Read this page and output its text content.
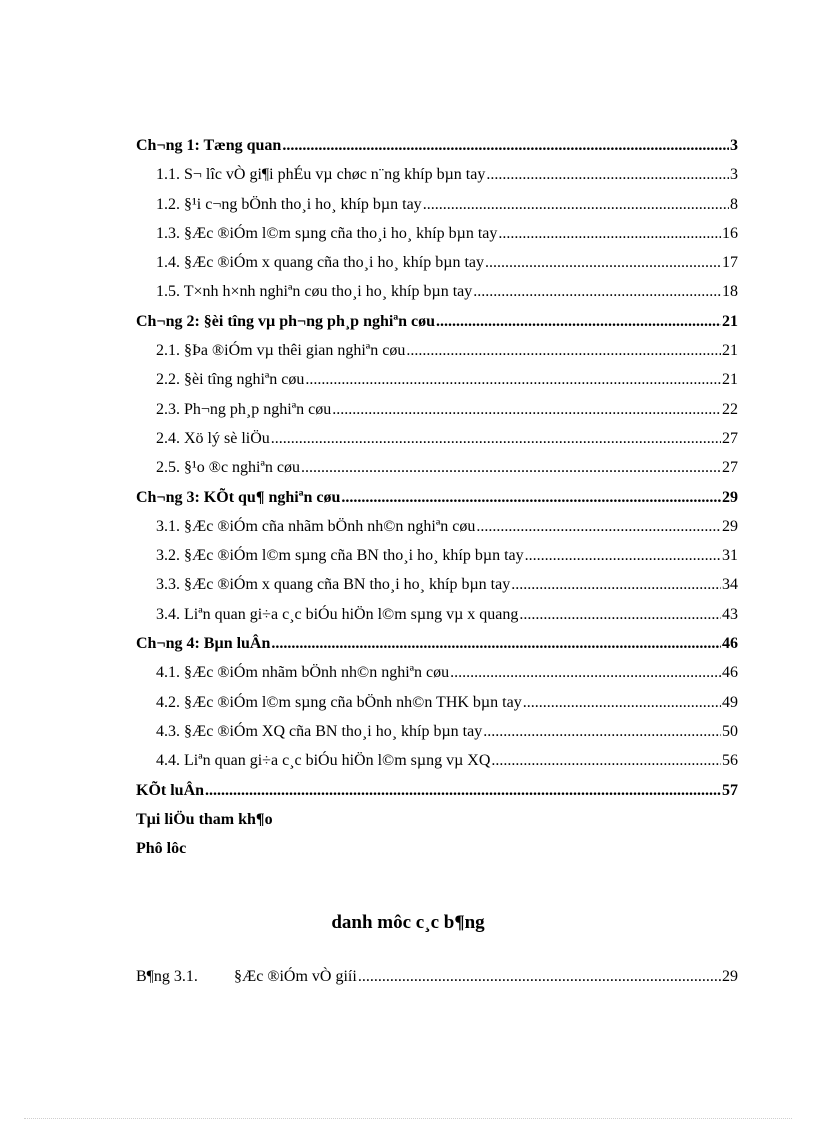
Ch¬ng 1: Tæng quan .....	3
1.1. S¬ lîc vÒ gi¶i phÉu vµ chøc n¨ng khíp bµn tay .....	3
1.2. §¹i c¬ng bÖnh tho¸i ho¸ khíp bµn tay .....	8
1.3. §Æc ®iÓm l©m sµng cña tho¸i ho¸ khíp bµn tay .....	16
1.4. §Æc ®iÓm x quang cña tho¸i ho¸ khíp bµn tay .....	17
1.5. T×nh h×nh nghiªn cøu tho¸i ho¸ khíp bµn tay .....	18
Ch¬ng 2: §èi tîng vµ ph¬ng ph¸p nghiªn cøu .....	21
2.1. §Þa ®iÓm vµ thêi gian nghiªn cøu .....	21
2.2. §èi tîng nghiªn cøu .....	21
2.3. Ph¬ng ph¸p nghiªn cøu .....	22
2.4. Xö lý sè liÖu .....	27
2.5. §¹o ®c nghiªn cøu .....	27
Ch¬ng 3: KÕt qu¶ nghiªn cøu .....	29
3.1. §Æc ®iÓm cña nhãm bÖnh nh©n nghiªn cøu .....	29
3.2. §Æc ®iÓm l©m sµng cña BN tho¸i ho¸ khíp bµn tay .....	31
3.3. §Æc ®iÓm x quang cña BN tho¸i ho¸ khíp bµn tay .....	34
3.4. Liªn quan gi÷a c¸c biÓu hiÖn l©m sµng vµ x quang .....	43
Ch¬ng 4: Bµn luÂn .....	46
4.1. §Æc ®iÓm nhãm bÖnh nh©n nghiªn cøu .....	46
4.2. §Æc ®iÓm l©m sµng cña bÖnh nh©n THK bµn tay .....	49
4.3. §Æc ®iÓm XQ cña BN tho¸i ho¸ khíp bµn tay .....	50
4.4. Liªn quan gi÷a c¸c biÓu hiÖn l©m sµng vµ XQ .....	56
KÕt luÂn .....	57
Tµi liÖu tham kh¶o
Phô lôc
danh môc c¸c b¶ng
B¶ng 3.1.	§Æc ®iÓm vÒ giíi .....	29
